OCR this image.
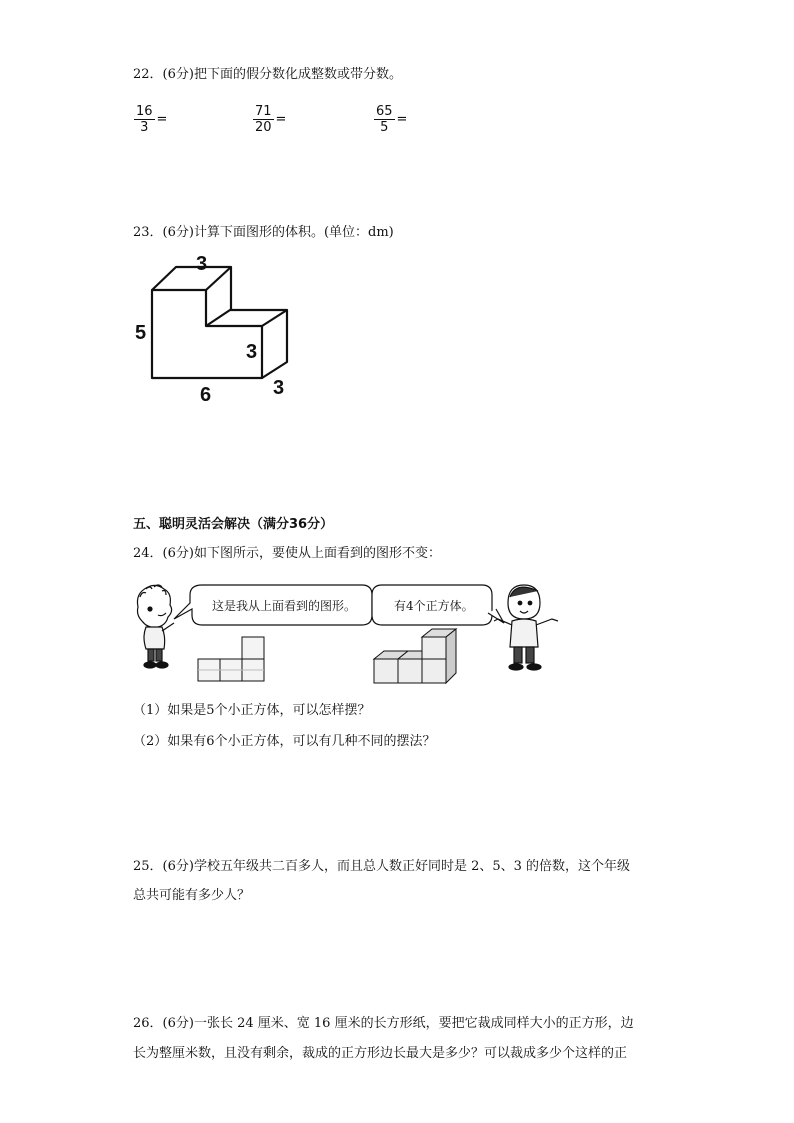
22．(6分)把下面的假分数化成整数或带分数。
$\frac{16}{3}$ =	$\frac{71}{20}$ =	$\frac{65}{5}$ =
23．(6分)计算下面图形的体积。(单位：dm)
3
5
3
6	3
五、聪明灵活会解决（满分36分）
24．(6分)如下图所示，要使从上面看到的图形不变：
这是我从上面看到的图形。	有4个正方体。
（1）如果是5个小正方体，可以怎样摆？
（2）如果有6个小正方体，可以有几种不同的摆法？
25．(6分)学校五年级共二百多人，而且总人数正好同时是 2、5、3 的倍数，这个年级
总共可能有多少人？
26．(6分)一张长 24 厘米、宽 16 厘米的长方形纸，要把它裁成同样大小的正方形，边
长为整厘米数，且没有剩余，裁成的正方形边长最大是多少？可以裁成多少个这样的正
